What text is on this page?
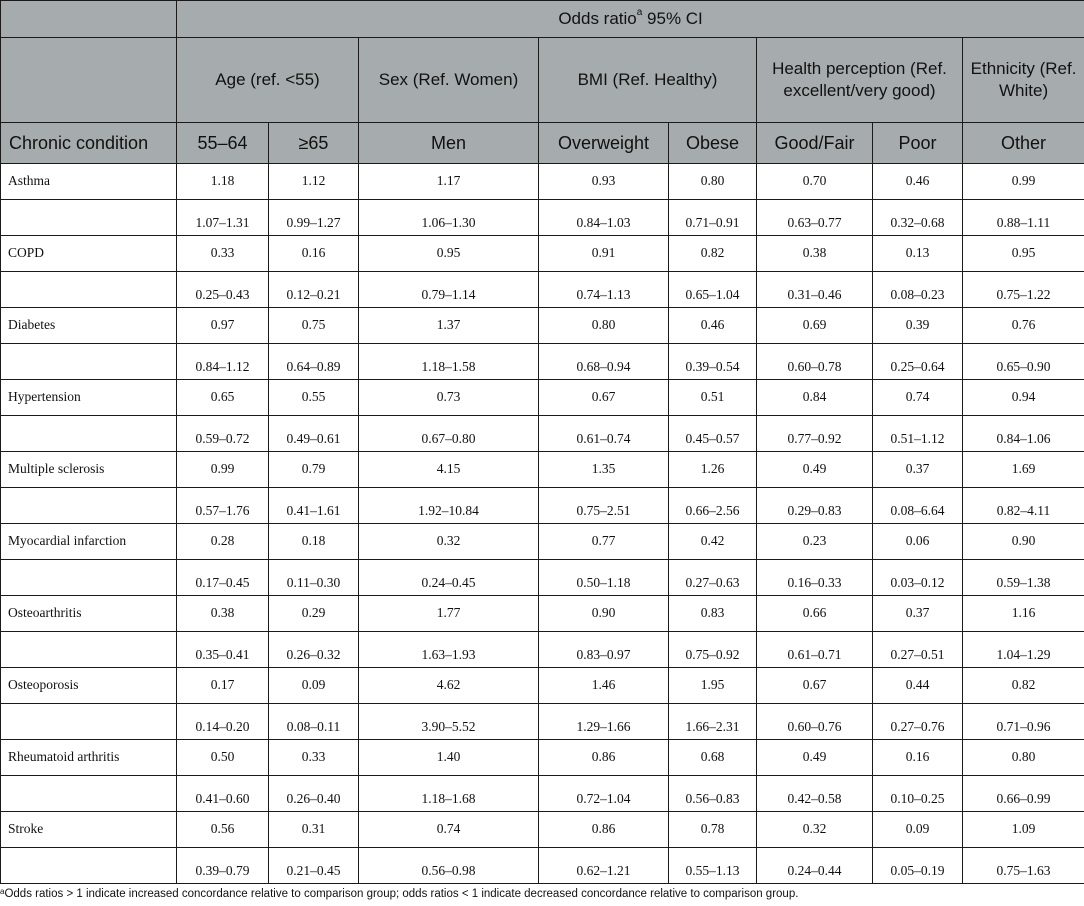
	Odds ratio$^a$ 95% CI							
	Age (ref. <55)		Sex (Ref. Women)	BMI (Ref. Healthy)		Health perception (Ref. excellent/very good)		Ethnicity (Ref. White)
Chronic condition	55–64	≥65	Men	Overweight	Obese	Good/Fair	Poor	Other
Asthma	1.18	1.12	1.17	0.93	0.80	0.70	0.46	0.99
	1.07–1.31	0.99–1.27	1.06–1.30	0.84–1.03	0.71–0.91	0.63–0.77	0.32–0.68	0.88–1.11
COPD	0.33	0.16	0.95	0.91	0.82	0.38	0.13	0.95
	0.25–0.43	0.12–0.21	0.79–1.14	0.74–1.13	0.65–1.04	0.31–0.46	0.08–0.23	0.75–1.22
Diabetes	0.97	0.75	1.37	0.80	0.46	0.69	0.39	0.76
	0.84–1.12	0.64–0.89	1.18–1.58	0.68–0.94	0.39–0.54	0.60–0.78	0.25–0.64	0.65–0.90
Hypertension	0.65	0.55	0.73	0.67	0.51	0.84	0.74	0.94
	0.59–0.72	0.49–0.61	0.67–0.80	0.61–0.74	0.45–0.57	0.77–0.92	0.51–1.12	0.84–1.06
Multiple sclerosis	0.99	0.79	4.15	1.35	1.26	0.49	0.37	1.69
	0.57–1.76	0.41–1.61	1.92–10.84	0.75–2.51	0.66–2.56	0.29–0.83	0.08–6.64	0.82–4.11
Myocardial infarction	0.28	0.18	0.32	0.77	0.42	0.23	0.06	0.90
	0.17–0.45	0.11–0.30	0.24–0.45	0.50–1.18	0.27–0.63	0.16–0.33	0.03–0.12	0.59–1.38
Osteoarthritis	0.38	0.29	1.77	0.90	0.83	0.66	0.37	1.16
	0.35–0.41	0.26–0.32	1.63–1.93	0.83–0.97	0.75–0.92	0.61–0.71	0.27–0.51	1.04–1.29
Osteoporosis	0.17	0.09	4.62	1.46	1.95	0.67	0.44	0.82
	0.14–0.20	0.08–0.11	3.90–5.52	1.29–1.66	1.66–2.31	0.60–0.76	0.27–0.76	0.71–0.96
Rheumatoid arthritis	0.50	0.33	1.40	0.86	0.68	0.49	0.16	0.80
	0.41–0.60	0.26–0.40	1.18–1.68	0.72–1.04	0.56–0.83	0.42–0.58	0.10–0.25	0.66–0.99
Stroke	0.56	0.31	0.74	0.86	0.78	0.32	0.09	1.09
	0.39–0.79	0.21–0.45	0.56–0.98	0.62–1.21	0.55–1.13	0.24–0.44	0.05–0.19	0.75–1.63
$^a$Odds ratios > 1 indicate increased concordance relative to comparison group; odds ratios < 1 indicate decreased concordance relative to comparison group.
